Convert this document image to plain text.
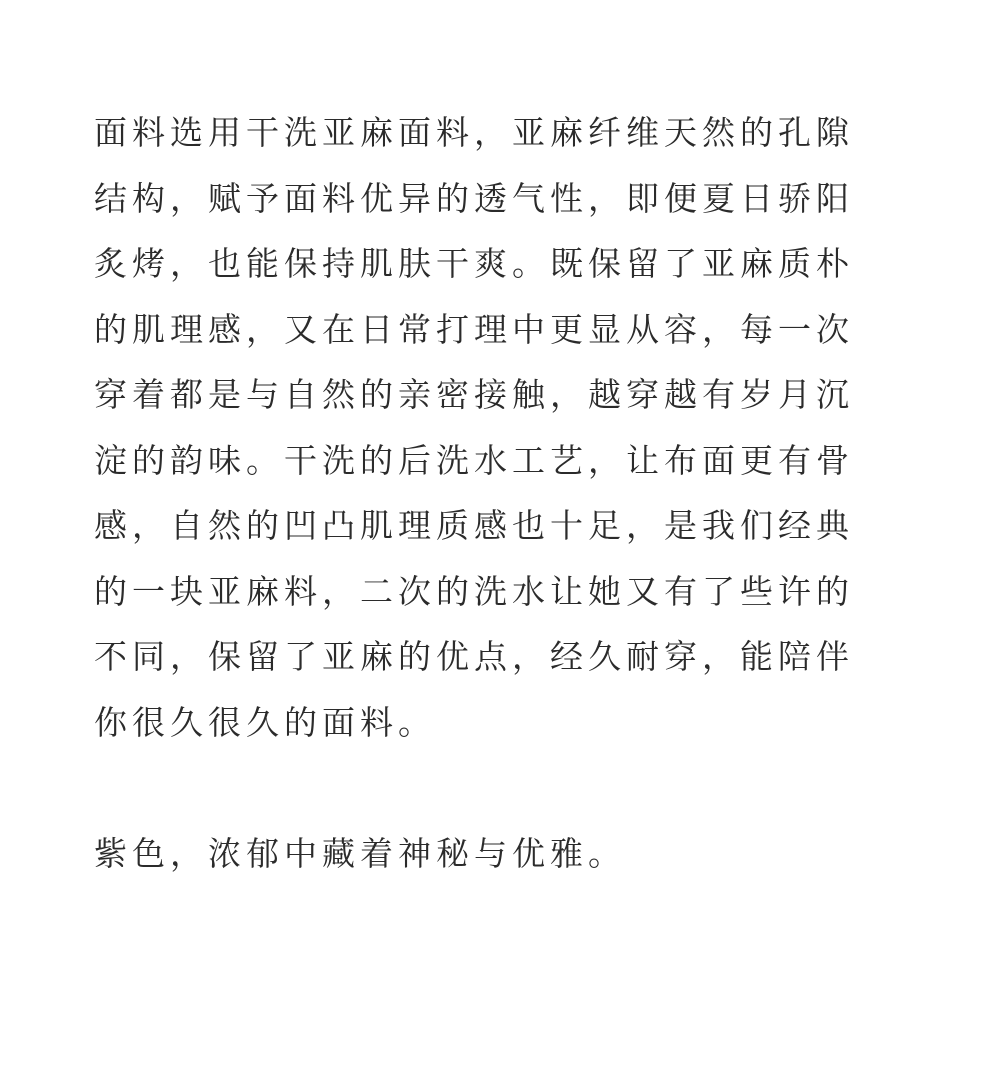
面料选用干洗亚麻面料，亚麻纤维天然的孔隙
结构，赋予面料优异的透气性，即便夏日骄阳
炙烤，也能保持肌肤干爽。既保留了亚麻质朴
的肌理感，又在日常打理中更显从容，每一次
穿着都是与自然的亲密接触，越穿越有岁月沉
淀的韵味。干洗的后洗水工艺，让布面更有骨
感，自然的凹凸肌理质感也十足，是我们经典
的一块亚麻料，二次的洗水让她又有了些许的
不同，保留了亚麻的优点，经久耐穿，能陪伴
你很久很久的面料。
紫色，浓郁中藏着神秘与优雅。
